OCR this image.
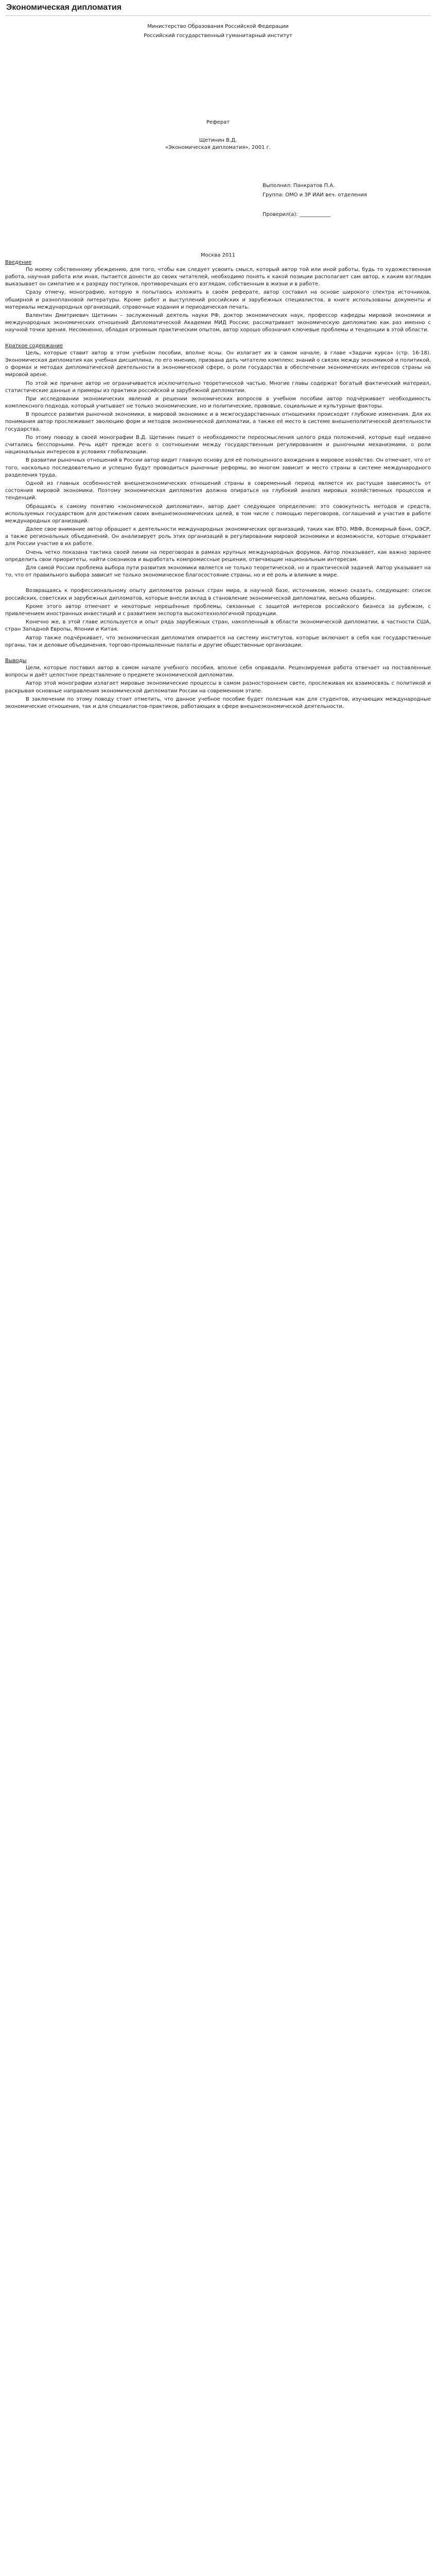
Экономическая дипломатия

Министерство Образования Российской Федерации

Российский государственный гуманитарный институт

Реферат

Щетинин В.Д.

«Экономическая дипломатия», 2001 г.

Выполнил: Панкратов П.А.

Группа: ОМО и ЗР ИАИ веч. отделения

Проверил(а): ____________

Москва 2011

Введение

По моему собственному убеждению, для того, чтобы как следует усвоить смысл, который автор той или иной работы, будь то художественная работа, научная работа или иная, пытается донести до своих читателей, необходимо понять к какой позиции располагает сам автор, к каким взглядам выказывает он симпатию и к разряду поступков, противоречащих его взглядам, собственным в жизни и в работе.

Сразу отмечу, монографию, которую я попытаюсь изложить в своём реферате, автор составил на основе широкого спектра источников, обширной и разноплановой литературы. Кроме работ и выступлений российских и зарубежных специалистов, в книге использованы документы и материалы международных организаций, справочные издания и периодическая печать.

Валентин Дмитриевич Щетинин – заслуженный деятель науки РФ, доктор экономических наук, профессор кафедры мировой экономики и международных экономических отношений Дипломатической Академии МИД России; рассматривает экономическую дипломатию как раз именно с научной точки зрения. Несомненно, обладая огромным практическим опытом, автор хорошо обозначил ключевые проблемы и тенденции в этой области.

Краткое содержание

Цель, которые ставит автор в этом учебном пособии, вполне ясны. Он излагает их в самом начале, в главе «Задачи курса» (стр. 16-18). Экономическая дипломатия как учебная дисциплина, по его мнению, призвана дать читателю комплекс знаний о связях между экономикой и политикой, о формах и методах дипломатической деятельности в экономической сфере, о роли государства в обеспечении экономических интересов страны на мировой арене.

По этой же причине автор не ограничивается исключительно теоретической частью. Многие главы содержат богатый фактический материал, статистические данные и примеры из практики российской и зарубежной дипломатии.

При исследовании экономических явлений и решении экономических вопросов в учебном пособии автор подчёркивает необходимость комплексного подхода, который учитывает не только экономические, но и политические, правовые, социальные и культурные факторы.

В процессе развития рыночной экономики, в мировой экономике и в межгосударственных отношениях происходят глубокие изменения. Для их понимания автор прослеживает эволюцию форм и методов экономической дипломатии, а также её место в системе внешнеполитической деятельности государства.

По этому поводу в своей монографии В.Д. Щетинин пишет о необходимости переосмысления целого ряда положений, которые ещё недавно считались бесспорными. Речь идёт прежде всего о соотношении между государственным регулированием и рыночными механизмами, о роли национальных интересов в условиях глобализации.

В развитии рыночных отношений в России автор видит главную основу для её полноценного вхождения в мировое хозяйство. Он отмечает, что от того, насколько последовательно и успешно будут проводиться рыночные реформы, во многом зависит и место страны в системе международного разделения труда.

Одной из главных особенностей внешнеэкономических отношений страны в современный период является их растущая зависимость от состояния мировой экономики. Поэтому экономическая дипломатия должна опираться на глубокий анализ мировых хозяйственных процессов и тенденций.

Обращаясь к самому понятию «экономической дипломатии», автор дает следующее определение: это совокупность методов и средств, используемых государством для достижения своих внешнеэкономических целей, в том числе с помощью переговоров, соглашений и участия в работе международных организаций.

Далее свое внимание автор обращает к деятельности международных экономических организаций, таких как ВТО, МВФ, Всемирный банк, ОЭСР, а также региональных объединений. Он анализирует роль этих организаций в регулировании мировой экономики и возможности, которые открывает для России участие в их работе.

Очень четко показана тактика своей линии на переговорах в рамках крупных международных форумов. Автор показывает, как важно заранее определить свои приоритеты, найти союзников и выработать компромиссные решения, отвечающие национальным интересам.

Для самой России проблема выбора пути развития экономики является не только теоретической, но и практической задачей. Автор указывает на то, что от правильного выбора зависит не только экономическое благосостояние страны, но и её роль и влияние в мире.

Возвращаясь к профессиональному опыту дипломатов разных стран мира, в научной базе, источником, можно сказать, следующее: список российских, советских и зарубежных дипломатов, которые внесли вклад в становление экономической дипломатии, весьма обширен.

Кроме этого автор отмечает и некоторые нерешённые проблемы, связанные с защитой интересов российского бизнеса за рубежом, с привлечением иностранных инвестиций и с развитием экспорта высокотехнологичной продукции.

Конечно же, в этой главе используется и опыт ряда зарубежных стран, накопленный в области экономической дипломатии, в частности США, стран Западной Европы, Японии и Китая.

Автор также подчёркивает, что экономическая дипломатия опирается на систему институтов, которые включают в себя как государственные органы, так и деловые объединения, торгово-промышленные палаты и другие общественные организации.

Выводы

Цели, которые поставил автор в самом начале учебного пособия, вполне себя оправдали. Рецензируемая работа отвечает на поставленные вопросы и даёт целостное представление о предмете экономической дипломатии.

Автор этой монографии излагает мировые экономические процессы в самом разностороннем свете, прослеживая их взаимосвязь с политикой и раскрывая основные направления экономической дипломатии России на современном этапе.

В заключении по этому поводу стоит отметить, что данное учебное пособие будет полезным как для студентов, изучающих международные экономические отношения, так и для специалистов-практиков, работающих в сфере внешнеэкономической деятельности.
